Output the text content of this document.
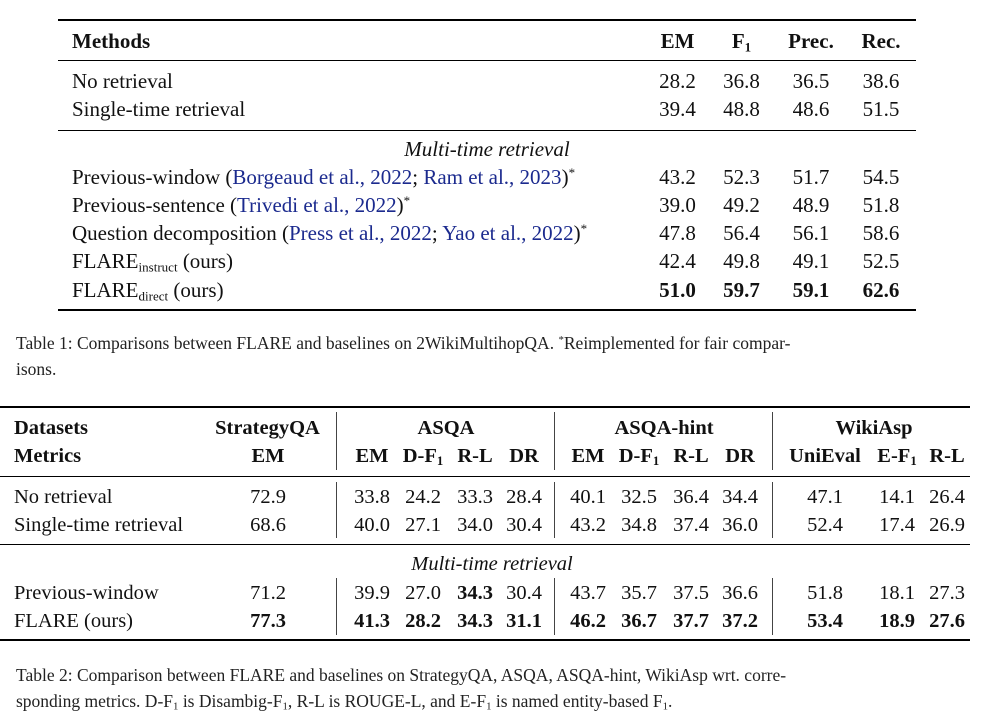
Methods	EM	$F_1$	Prec.	Rec.
No retrieval	28.2	36.8	36.5	38.6
Single-time retrieval	39.4	48.8	48.6	51.5
Multi-time retrieval
Previous-window (Borgeaud et al., 2022; Ram et al., 2023)*	43.2	52.3	51.7	54.5
Previous-sentence (Trivedi et al., 2022)*	39.0	49.2	48.9	51.8
Question decomposition (Press et al., 2022; Yao et al., 2022)*	47.8	56.4	56.1	58.6
$FLARE_{instruct}$ (ours)	42.4	49.8	49.1	52.5
$FLARE_{direct}$ (ours)	51.0	59.7	59.1	62.6
Table 1: Comparisons between FLARE and baselines on 2WikiMultihopQA. *Reimplemented for fair compar-
isons.
Datasets	StrategyQA	ASQA	ASQA-hint	WikiAsp
Metrics	EM	EM $D-F_1$ R-L DR	EM $D-F_1$ R-L DR	UniEval $E-F_1$ R-L
No retrieval	72.9	33.8 24.2 33.3 28.4 40.1 32.5 36.4 34.4	47.1	14.1 26.4
Single-time retrieval	68.6	40.0 27.1 34.0 30.4 43.2 34.8 37.4 36.0	52.4	17.4 26.9
Multi-time retrieval
Previous-window	71.2	39.9 27.0 34.3 30.4 43.7 35.7 37.5 36.6	51.8	18.1 27.3
FLARE (ours)	77.3	41.3 28.2 34.3 31.1 46.2 36.7 37.7 37.2	53.4	18.9 27.6
Table 2: Comparison between FLARE and baselines on StrategyQA, ASQA, ASQA-hint, WikiAsp wrt. corre-
sponding metrics. $D-F_1$ is Disambig-$F_1$, R-L is ROUGE-L, and $E-F_1$ is named entity-based $F_1$.
